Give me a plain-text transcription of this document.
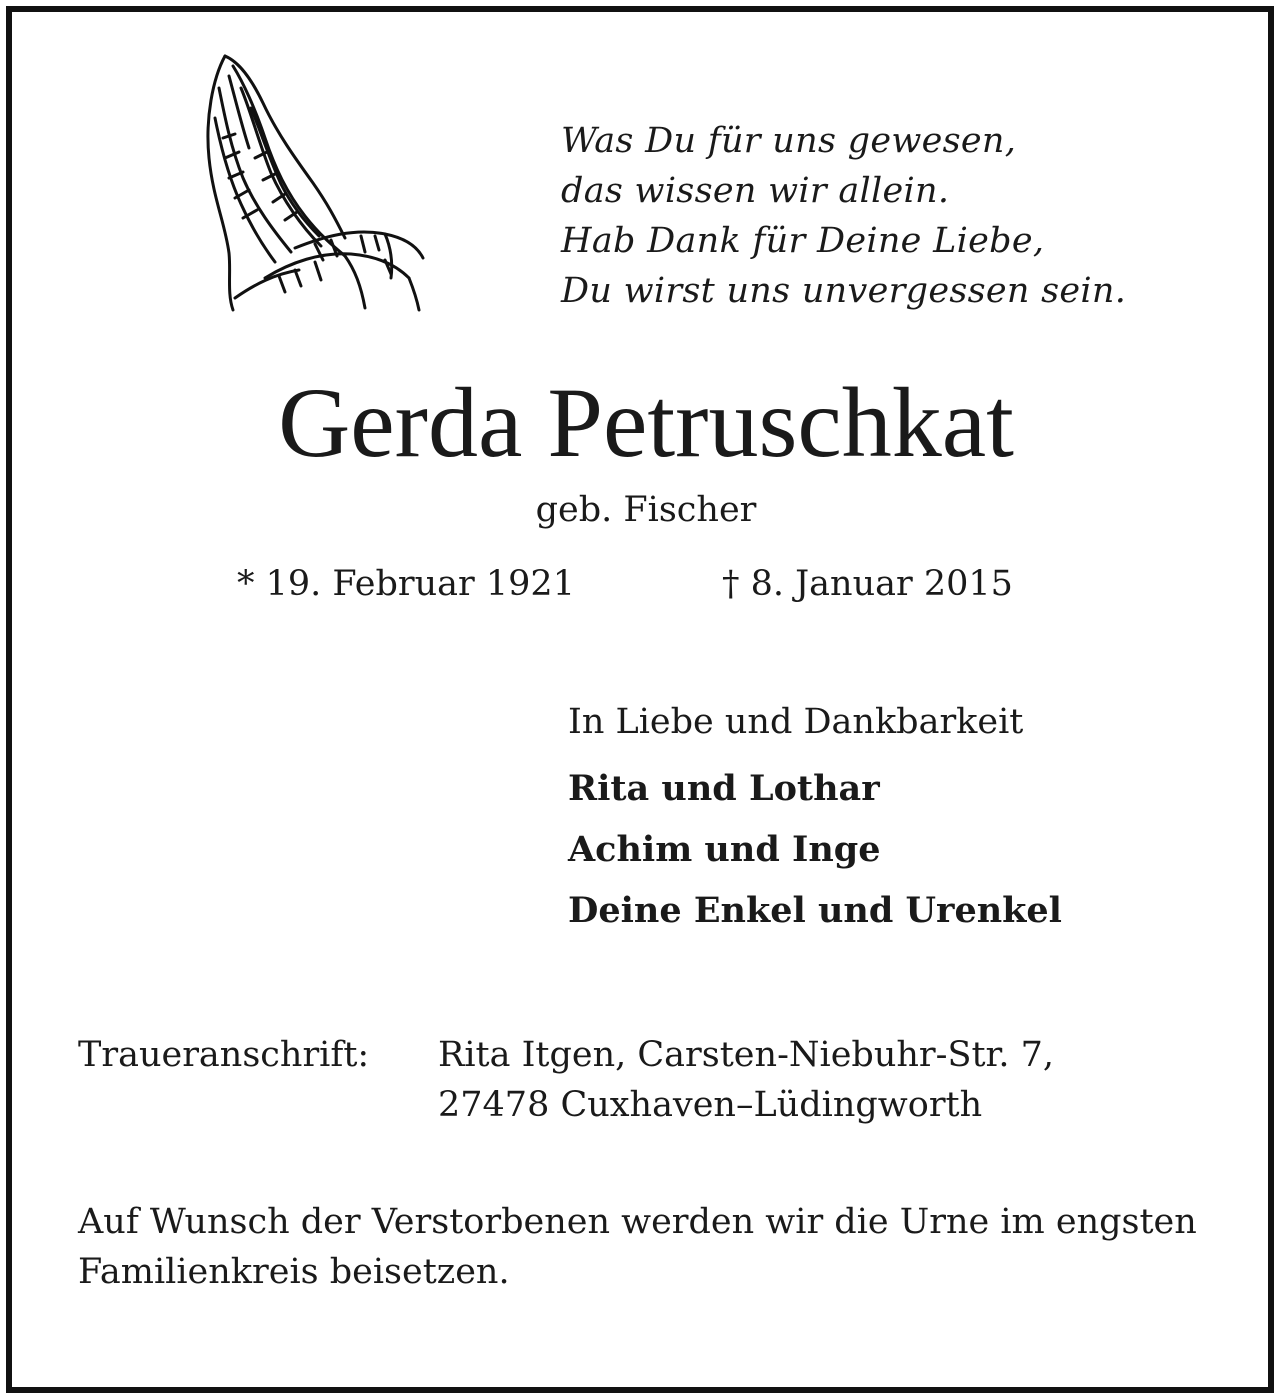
Was Du für uns gewesen,
das wissen wir allein.
Hab Dank für Deine Liebe,
Du wirst uns unvergessen sein.
Gerda Petruschkat
geb. Fischer
* 19. Februar 1921	† 8. Januar 2015
In Liebe und Dankbarkeit
Rita und Lothar
Achim und Inge
Deine Enkel und Urenkel
Traueranschrift:	Rita Itgen, Carsten-Niebuhr-Str. 7,
27478 Cuxhaven–Lüdingworth
Auf Wunsch der Verstorbenen werden wir die Urne im engsten Familienkreis beisetzen.
